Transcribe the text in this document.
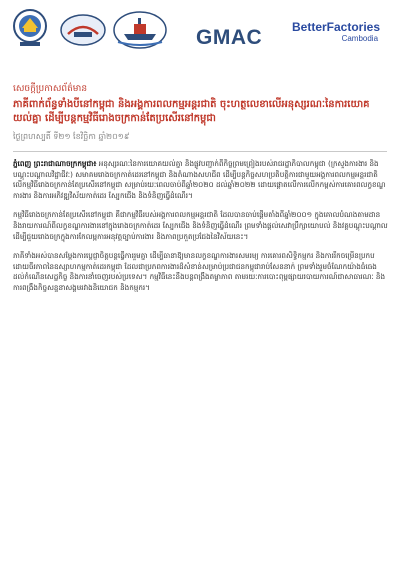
GMAC BetterFactories
Cambodia
សេចក្តីប្រកាសព័ត៌មាន
ភាគីពាក់ព័ន្ធទាំងបីនៅកម្ពុជា និងអង្គការពលកម្មអន្តរជាតិ ចុះហត្ថលេខាលើអនុស្សរណៈនៃការយោគយល់គ្នា ដើម្បីបន្តកម្មវិធីរោងចក្រកាន់តែប្រសើរនៅកម្ពុជា
ថ្ងៃព្រហស្បតិ៍ ទី២១ ខែវិច្ឆិកា ឆ្នាំ២០១៩

ភ្នំពេញ ព្រះរាជាណាចក្រកម្ពុជា៖ អនុស្សរណៈនៃការយោគយល់គ្នា និងផ្លូវបញ្ជាក់ពីកិច្ចព្រមព្រៀងរបស់រាជរដ្ឋាភិបាលកម្ពុជា (ក្រសួងការងារ និងបណ្តុះបណ្តាលវិជ្ជាជីវៈ) សមាគមរោងចក្រកាត់ដេរនៅកម្ពុជា និងតំណាងសហជីព ដើម្បីបន្តកិច្ចសហប្រតិបត្តិការជាមួយអង្គការពលកម្មអន្តរជាតិ លើកម្មវិធីរោងចក្រកាន់តែប្រសើរនៅកម្ពុជា សម្រាប់រយៈពេលចាប់ពីឆ្នាំ២០២០ ដល់ឆ្នាំ២០២២ ដោយផ្តោតលើការលើកកម្ពស់ការគោរពលក្ខខណ្ឌការងារ និងការអភិវឌ្ឍវិស័យកាត់ដេរ ស្បែកជើង និងទំនិញធ្វើដំណើរ។

កម្មវិធីរោងចក្រកាន់តែប្រសើរនៅកម្ពុជា គឺជាកម្មវិធីរបស់អង្គការពលកម្មអន្តរជាតិ ដែលបានចាប់ផ្តើមតាំងពីឆ្នាំ២០០១ ក្នុងគោលបំណងតាមដាន និងរាយការណ៍ពីលក្ខខណ្ឌការងារនៅក្នុងរោងចក្រកាត់ដេរ ស្បែកជើង និងទំនិញធ្វើដំណើរ ព្រមទាំងផ្តល់សេវាប្រឹក្សាយោបល់ និងវគ្គបណ្តុះបណ្តាល ដើម្បីជួយរោងចក្រក្នុងការកែលម្អការអនុវត្តច្បាប់ការងារ និងភាពប្រកួតប្រជែងនៃវិស័យនេះ។

ភាគីទាំងអស់បានសម្តែងការប្តេជ្ញាចិត្តបន្តធ្វើការរួមគ្នា ដើម្បីធានាឱ្យមានលក្ខខណ្ឌការងារសមរម្យ ការគោរពសិទ្ធិកម្មករ និងការរីកចម្រើនប្រកបដោយចីរភាពនៃឧស្សាហកម្មកាត់ដេរកម្ពុជា ដែលជាប្រភពការងារដ៏សំខាន់សម្រាប់ប្រជាជនកម្ពុជារាប់សែននាក់ ព្រមទាំងរួមចំណែកយ៉ាងធំធេងដល់កំណើនសេដ្ឋកិច្ច និងការនាំចេញរបស់ប្រទេស។ កម្មវិធីនេះនឹងបន្តពង្រឹងតម្លាភាព តាមរយៈការបោះពុម្ពផ្សាយរបាយការណ៍ជាសាធារណៈ និងការពង្រឹងកិច្ចសន្ទនាសង្គមរវាងនិយោជក និងកម្មករ។
